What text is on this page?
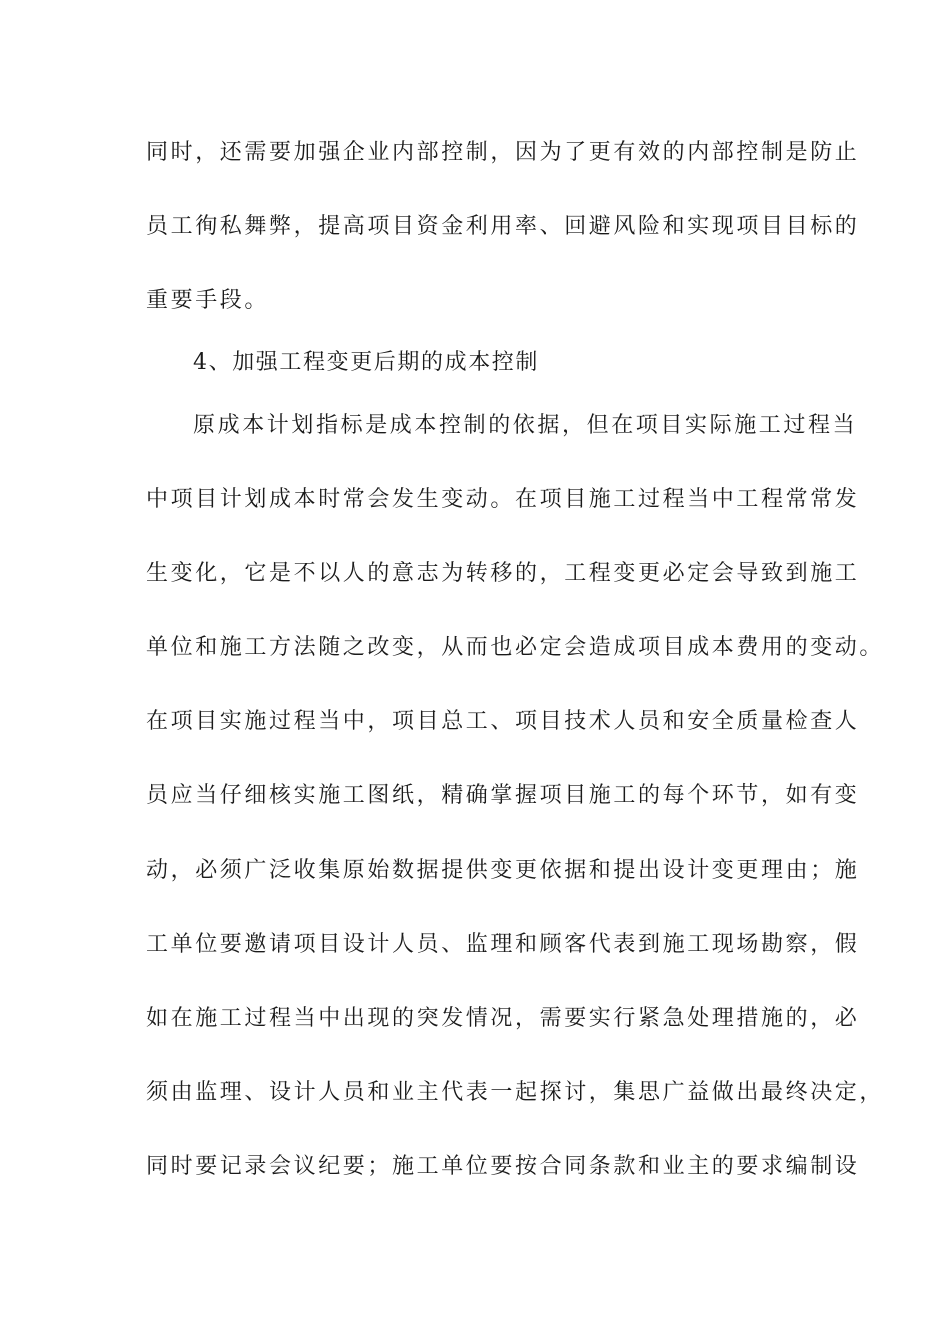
同时，还需要加强企业内部控制，因为了更有效的内部控制是防止
员工徇私舞弊，提高项目资金利用率、回避风险和实现项目目标的
重要手段。
4、加强工程变更后期的成本控制
原成本计划指标是成本控制的依据，但在项目实际施工过程当
中项目计划成本时常会发生变动。在项目施工过程当中工程常常发
生变化，它是不以人的意志为转移的，工程变更必定会导致到施工
单位和施工方法随之改变，从而也必定会造成项目成本费用的变动。
在项目实施过程当中，项目总工、项目技术人员和安全质量检查人
员应当仔细核实施工图纸，精确掌握项目施工的每个环节，如有变
动，必须广泛收集原始数据提供变更依据和提出设计变更理由；施
工单位要邀请项目设计人员、监理和顾客代表到施工现场勘察，假
如在施工过程当中出现的突发情况，需要实行紧急处理措施的，必
须由监理、设计人员和业主代表一起探讨，集思广益做出最终决定，
同时要记录会议纪要；施工单位要按合同条款和业主的要求编制设
